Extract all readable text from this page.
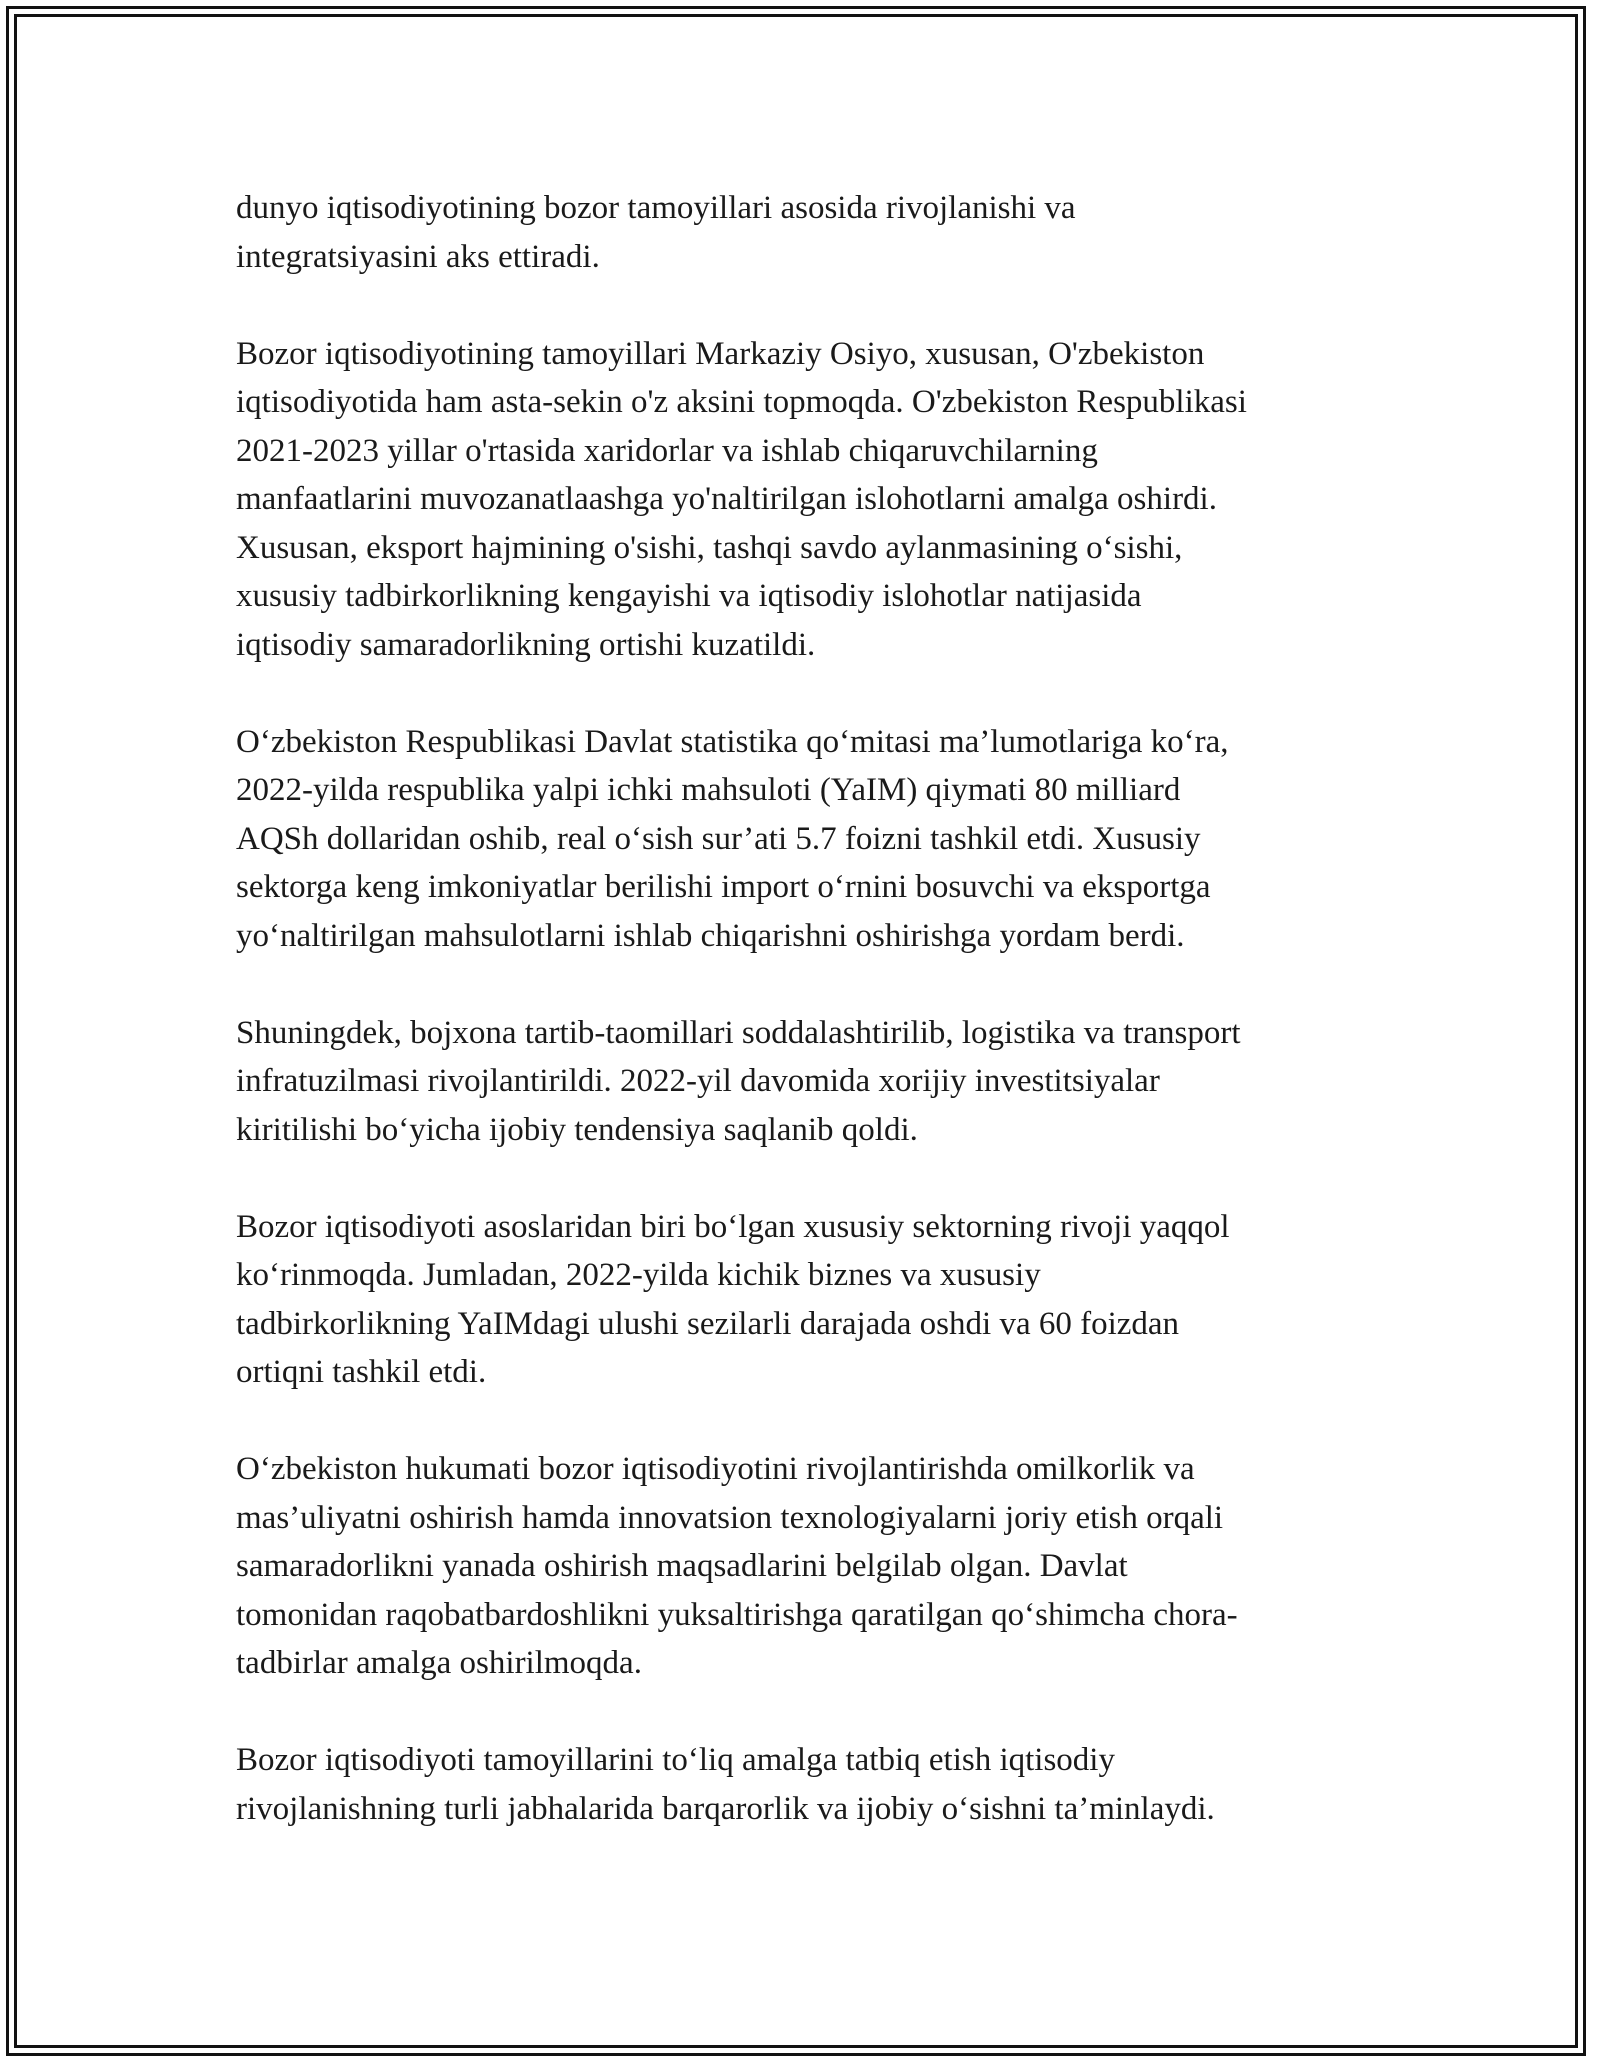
dunyo iqtisodiyotining bozor tamoyillari asosida rivojlanishi va
integratsiyasini aks ettiradi.

Bozor iqtisodiyotining tamoyillari Markaziy Osiyo, xususan, O'zbekiston
iqtisodiyotida ham asta-sekin o'z aksini topmoqda. O'zbekiston Respublikasi
2021-2023 yillar o'rtasida xaridorlar va ishlab chiqaruvchilarning
manfaatlarini muvozanatlaashga yo'naltirilgan islohotlarni amalga oshirdi.
Xususan, eksport hajmining o'sishi, tashqi savdo aylanmasining o‘sishi,
xususiy tadbirkorlikning kengayishi va iqtisodiy islohotlar natijasida
iqtisodiy samaradorlikning ortishi kuzatildi.

O‘zbekiston Respublikasi Davlat statistika qo‘mitasi ma’lumotlariga ko‘ra,
2022-yilda respublika yalpi ichki mahsuloti (YaIM) qiymati 80 milliard
AQSh dollaridan oshib, real o‘sish sur’ati 5.7 foizni tashkil etdi. Xususiy
sektorga keng imkoniyatlar berilishi import o‘rnini bosuvchi va eksportga
yo‘naltirilgan mahsulotlarni ishlab chiqarishni oshirishga yordam berdi.

Shuningdek, bojxona tartib-taomillari soddalashtirilib, logistika va transport
infratuzilmasi rivojlantirildi. 2022-yil davomida xorijiy investitsiyalar
kiritilishi bo‘yicha ijobiy tendensiya saqlanib qoldi.

Bozor iqtisodiyoti asoslaridan biri bo‘lgan xususiy sektorning rivoji yaqqol
ko‘rinmoqda. Jumladan, 2022-yilda kichik biznes va xususiy
tadbirkorlikning YaIMdagi ulushi sezilarli darajada oshdi va 60 foizdan
ortiqni tashkil etdi.

O‘zbekiston hukumati bozor iqtisodiyotini rivojlantirishda omilkorlik va
mas’uliyatni oshirish hamda innovatsion texnologiyalarni joriy etish orqali
samaradorlikni yanada oshirish maqsadlarini belgilab olgan. Davlat
tomonidan raqobatbardoshlikni yuksaltirishga qaratilgan qo‘shimcha chora-
tadbirlar amalga oshirilmoqda.

Bozor iqtisodiyoti tamoyillarini to‘liq amalga tatbiq etish iqtisodiy
rivojlanishning turli jabhalarida barqarorlik va ijobiy o‘sishni ta’minlaydi.
